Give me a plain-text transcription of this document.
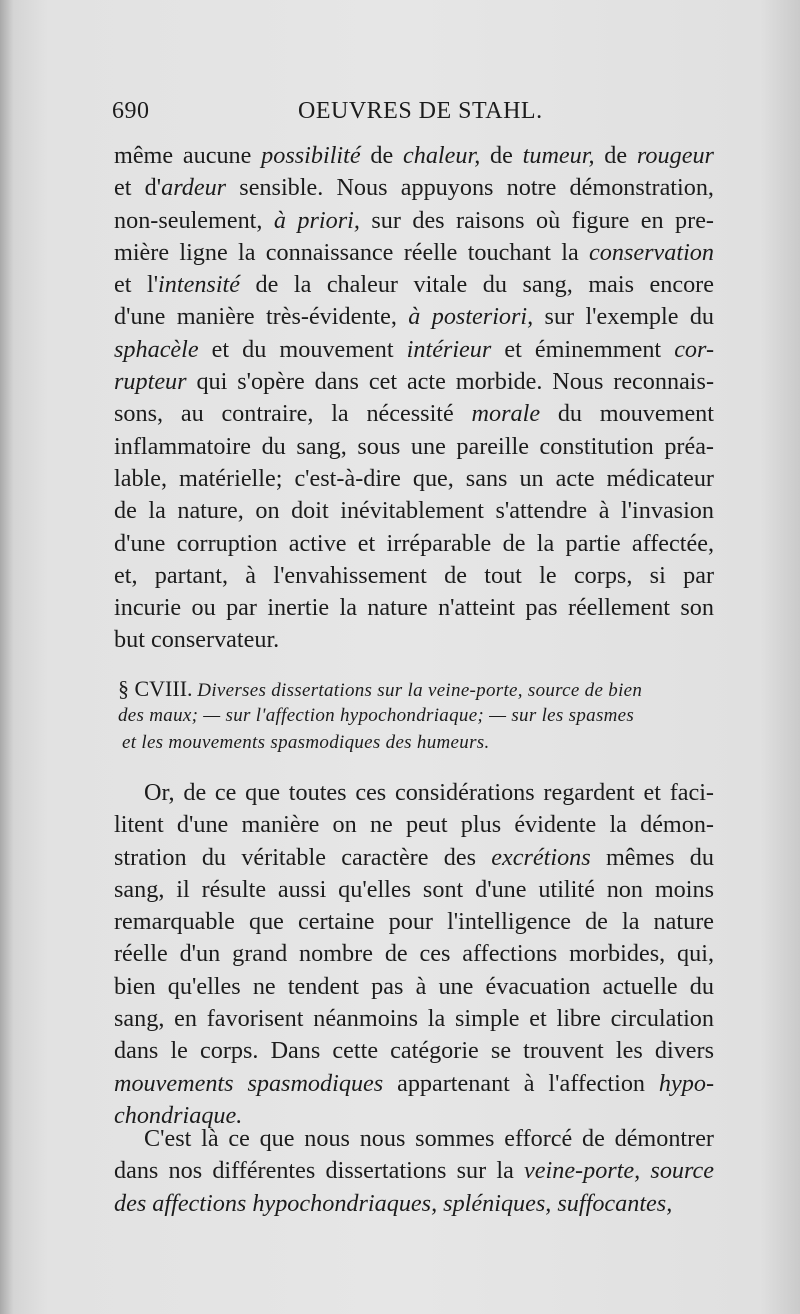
690	OEUVRES DE STAHL.
même aucune possibilité de chaleur, de tumeur, de rougeur
et d'ardeur sensible. Nous appuyons notre démonstration,
non-seulement, à priori, sur des raisons où figure en pre-
mière ligne la connaissance réelle touchant la conservation
et l'intensité de la chaleur vitale du sang, mais encore
d'une manière très-évidente, à posteriori, sur l'exemple du
sphacèle et du mouvement intérieur et éminemment cor-
rupteur qui s'opère dans cet acte morbide. Nous reconnais-
sons, au contraire, la nécessité morale du mouvement
inflammatoire du sang, sous une pareille constitution préa-
lable, matérielle; c'est-à-dire que, sans un acte médicateur
de la nature, on doit inévitablement s'attendre à l'invasion
d'une corruption active et irréparable de la partie affectée,
et, partant, à l'envahissement de tout le corps, si par
incurie ou par inertie la nature n'atteint pas réellement son
but conservateur.
§ CVIII. Diverses dissertations sur la veine-porte, source de bien
des maux; — sur l'affection hypochondriaque; — sur les spasmes
et les mouvements spasmodiques des humeurs.
Or, de ce que toutes ces considérations regardent et faci-
litent d'une manière on ne peut plus évidente la démon-
stration du véritable caractère des excrétions mêmes du
sang, il résulte aussi qu'elles sont d'une utilité non moins
remarquable que certaine pour l'intelligence de la nature
réelle d'un grand nombre de ces affections morbides, qui,
bien qu'elles ne tendent pas à une évacuation actuelle du
sang, en favorisent néanmoins la simple et libre circulation
dans le corps. Dans cette catégorie se trouvent les divers
mouvements spasmodiques appartenant à l'affection hypo-
chondriaque.
C'est là ce que nous nous sommes efforcé de démontrer
dans nos différentes dissertations sur la veine-porte, source
des affections hypochondriaques, spléniques, suffocantes,
